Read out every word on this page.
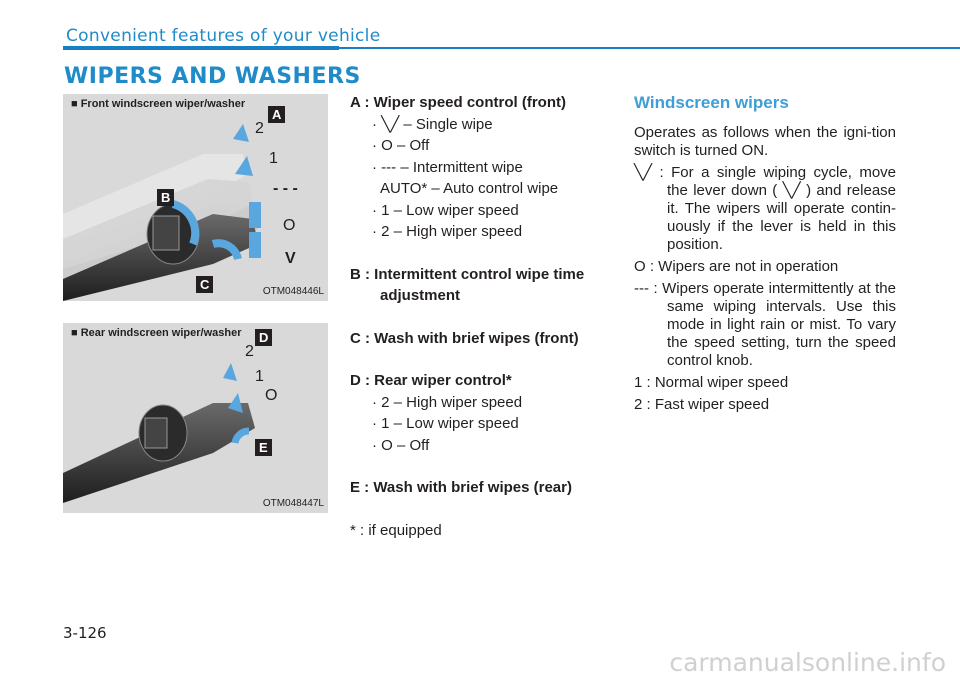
Convenient features of your vehicle
WIPERS AND WASHERS
■ Front windscreen wiper/washer
A
B
C
2
1
- - -
O
V
OTM048446L
■ Rear windscreen wiper/washer D
E
2
1
O
OTM048447L
A : Wiper speed control (front)
· ╲╱ – Single wipe
· O – Off
· --- – Intermittent wipe
AUTO* – Auto control wipe
· 1 – Low wiper speed
· 2 – High wiper speed
B : Intermittent control wipe time
adjustment
C : Wash with brief wipes (front)
D : Rear wiper control*
· 2 – High wiper speed
· 1 – Low wiper speed
· O – Off
E : Wash with brief wipes (rear)
* : if equipped
Windscreen wipers

Operates as follows when the igni-tion switch is turned ON.

╲╱ : For a single wiping cycle, move the lever down ( ╲╱ ) and release it. The wipers will operate contin-uously if the lever is held in this position.
O : Wipers are not in operation
--- : Wipers operate intermittently at the same wiping intervals. Use this mode in light rain or mist. To vary the speed setting, turn the speed control knob.
1 : Normal wiper speed
2 : Fast wiper speed
3-126
carmanualsonline.info
